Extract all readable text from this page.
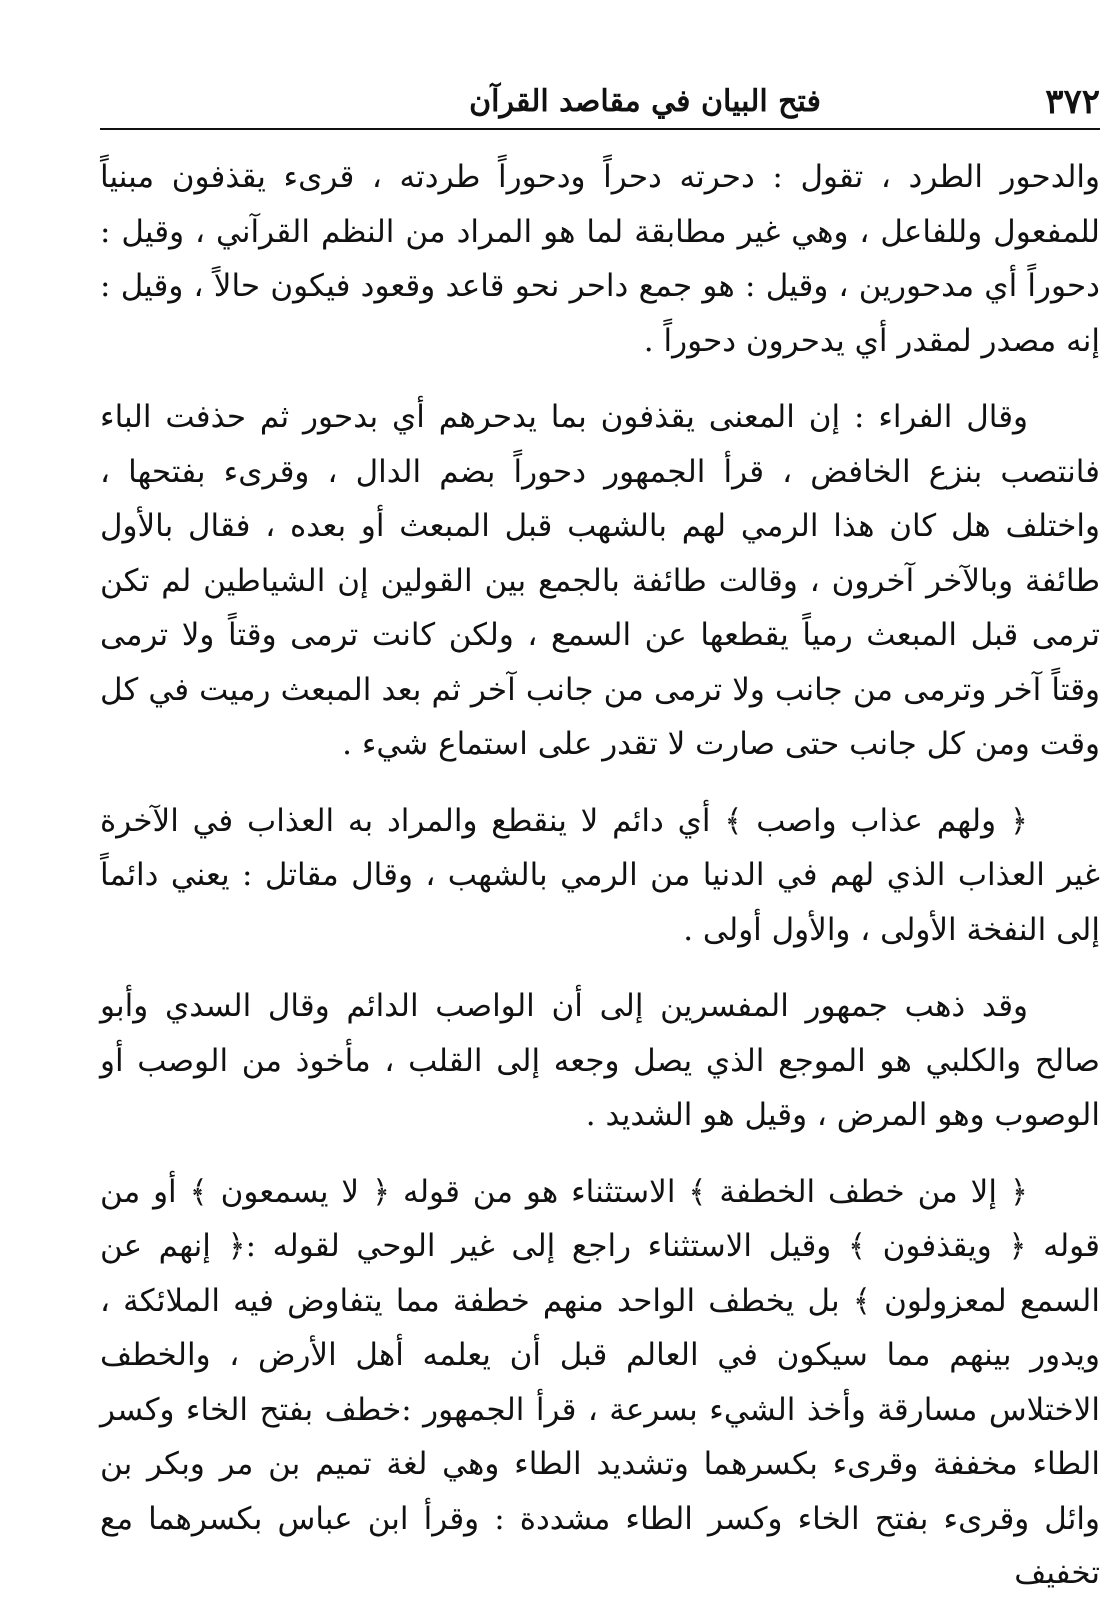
٣٧٢
فتح البيان في مقاصد القرآن

والدحور الطرد ، تقول : دحرته دحراً ودحوراً طردته ، قرىء يقذفون مبنياً للمفعول وللفاعل ، وهي غير مطابقة لما هو المراد من النظم القرآني ، وقيل : دحوراً أي مدحورين ، وقيل : هو جمع داحر نحو قاعد وقعود فيكون حالاً ، وقيل : إنه مصدر لمقدر أي يدحرون دحوراً .

وقال الفراء : إن المعنى يقذفون بما يدحرهم أي بدحور ثم حذفت الباء فانتصب بنزع الخافض ، قرأ الجمهور دحوراً بضم الدال ، وقرىء بفتحها ، واختلف هل كان هذا الرمي لهم بالشهب قبل المبعث أو بعده ، فقال بالأول طائفة وبالآخر آخرون ، وقالت طائفة بالجمع بين القولين إن الشياطين لم تكن ترمى قبل المبعث رمياً يقطعها عن السمع ، ولكن كانت ترمى وقتاً ولا ترمى وقتاً آخر وترمى من جانب ولا ترمى من جانب آخر ثم بعد المبعث رميت في كل وقت ومن كل جانب حتى صارت لا تقدر على استماع شيء .

﴿ ولهم عذاب واصب ﴾ أي دائم لا ينقطع والمراد به العذاب في الآخرة غير العذاب الذي لهم في الدنيا من الرمي بالشهب ، وقال مقاتل : يعني دائماً إلى النفخة الأولى ، والأول أولى .

وقد ذهب جمهور المفسرين إلى أن الواصب الدائم وقال السدي وأبو صالح والكلبي هو الموجع الذي يصل وجعه إلى القلب ، مأخوذ من الوصب أو الوصوب وهو المرض ، وقيل هو الشديد .

﴿ إلا من خطف الخطفة ﴾ الاستثناء هو من قوله ﴿ لا يسمعون ﴾ أو من قوله ﴿ ويقذفون ﴾ وقيل الاستثناء راجع إلى غير الوحي لقوله :﴿ إنهم عن السمع لمعزولون ﴾ بل يخطف الواحد منهم خطفة مما يتفاوض فيه الملائكة ، ويدور بينهم مما سيكون في العالم قبل أن يعلمه أهل الأرض ، والخطف الاختلاس مسارقة وأخذ الشيء بسرعة ، قرأ الجمهور :خطف بفتح الخاء وكسر الطاء مخففة وقرىء بكسرهما وتشديد الطاء وهي لغة تميم بن مر وبكر بن وائل وقرىء بفتح الخاء وكسر الطاء مشددة : وقرأ ابن عباس بكسرهما مع تخفيف
